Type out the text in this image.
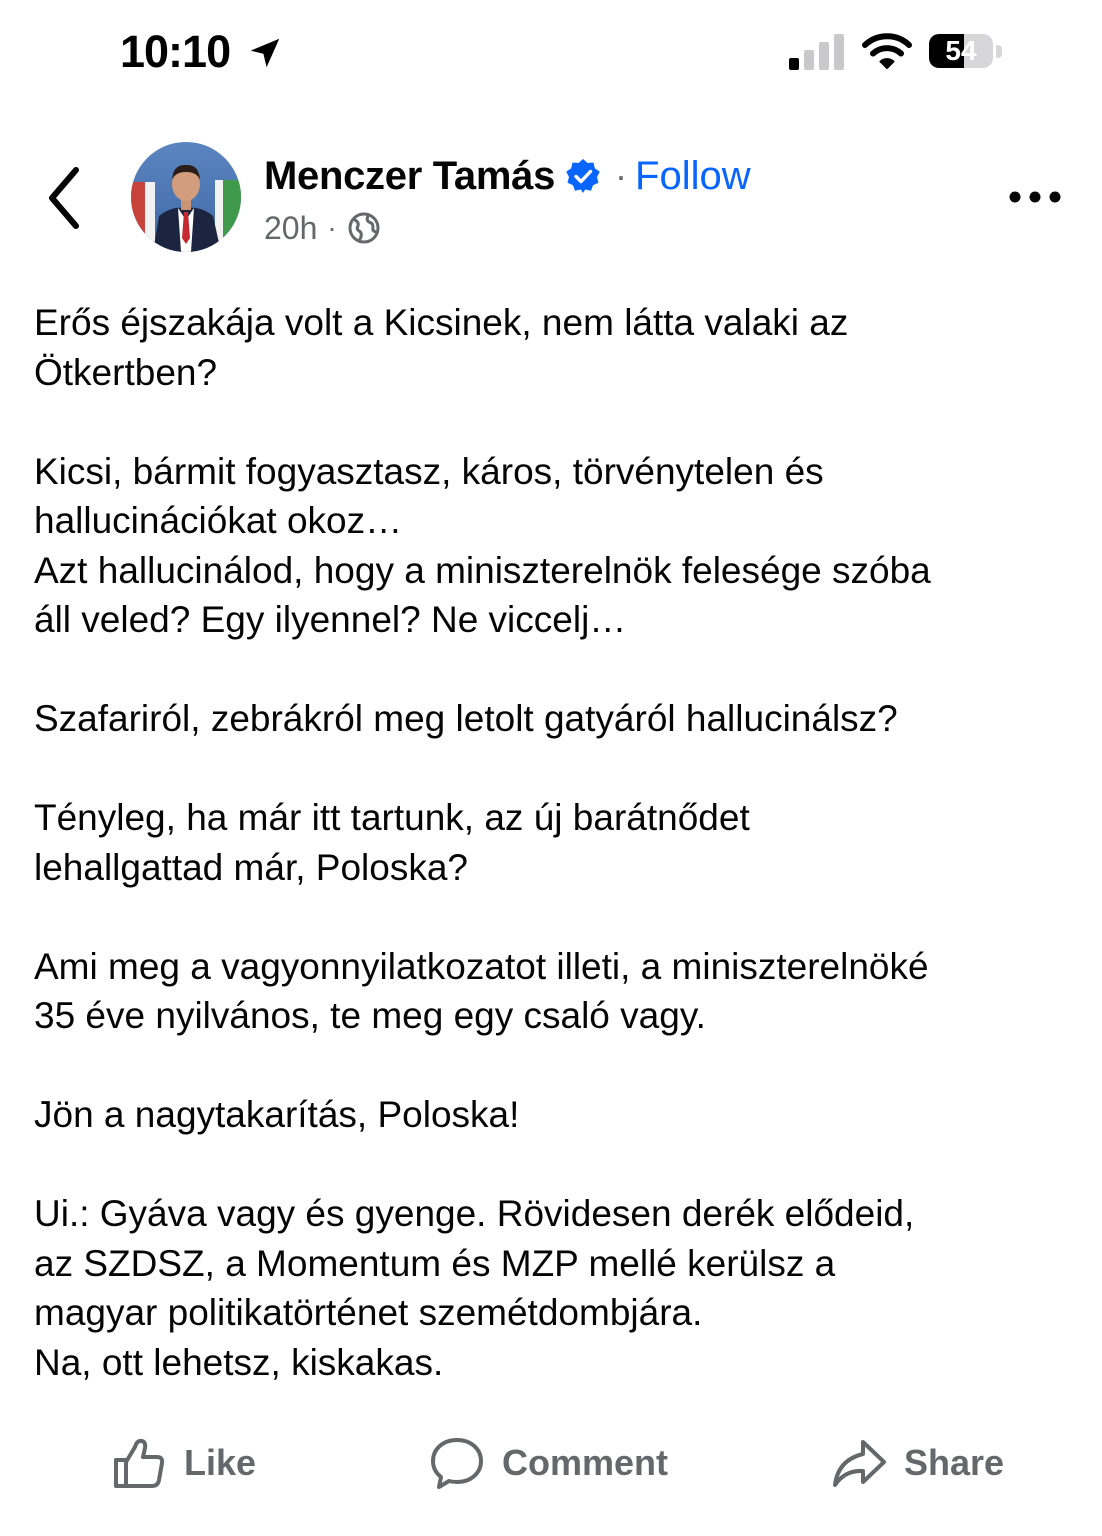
10:10	54
Menczer Tamás · Follow
20h ·

Erős éjszakája volt a Kicsinek, nem látta valaki az
Ötkertben?

Kicsi, bármit fogyasztasz, káros, törvénytelen és
hallucinációkat okoz…
Azt hallucinálod, hogy a miniszterelnök felesége szóba
áll veled? Egy ilyennel? Ne viccelj…

Szafariról, zebrákról meg letolt gatyáról hallucinálsz?

Tényleg, ha már itt tartunk, az új barátnődet
lehallgattad már, Poloska?

Ami meg a vagyonnyilatkozatot illeti, a miniszterelnöké
35 éve nyilvános, te meg egy csaló vagy.

Jön a nagytakarítás, Poloska!

Ui.: Gyáva vagy és gyenge. Rövidesen derék elődeid,
az SZDSZ, a Momentum és MZP mellé kerülsz a
magyar politikatörténet szemétdombjára.
Na, ott lehetsz, kiskakas.

Like	Comment	Share
